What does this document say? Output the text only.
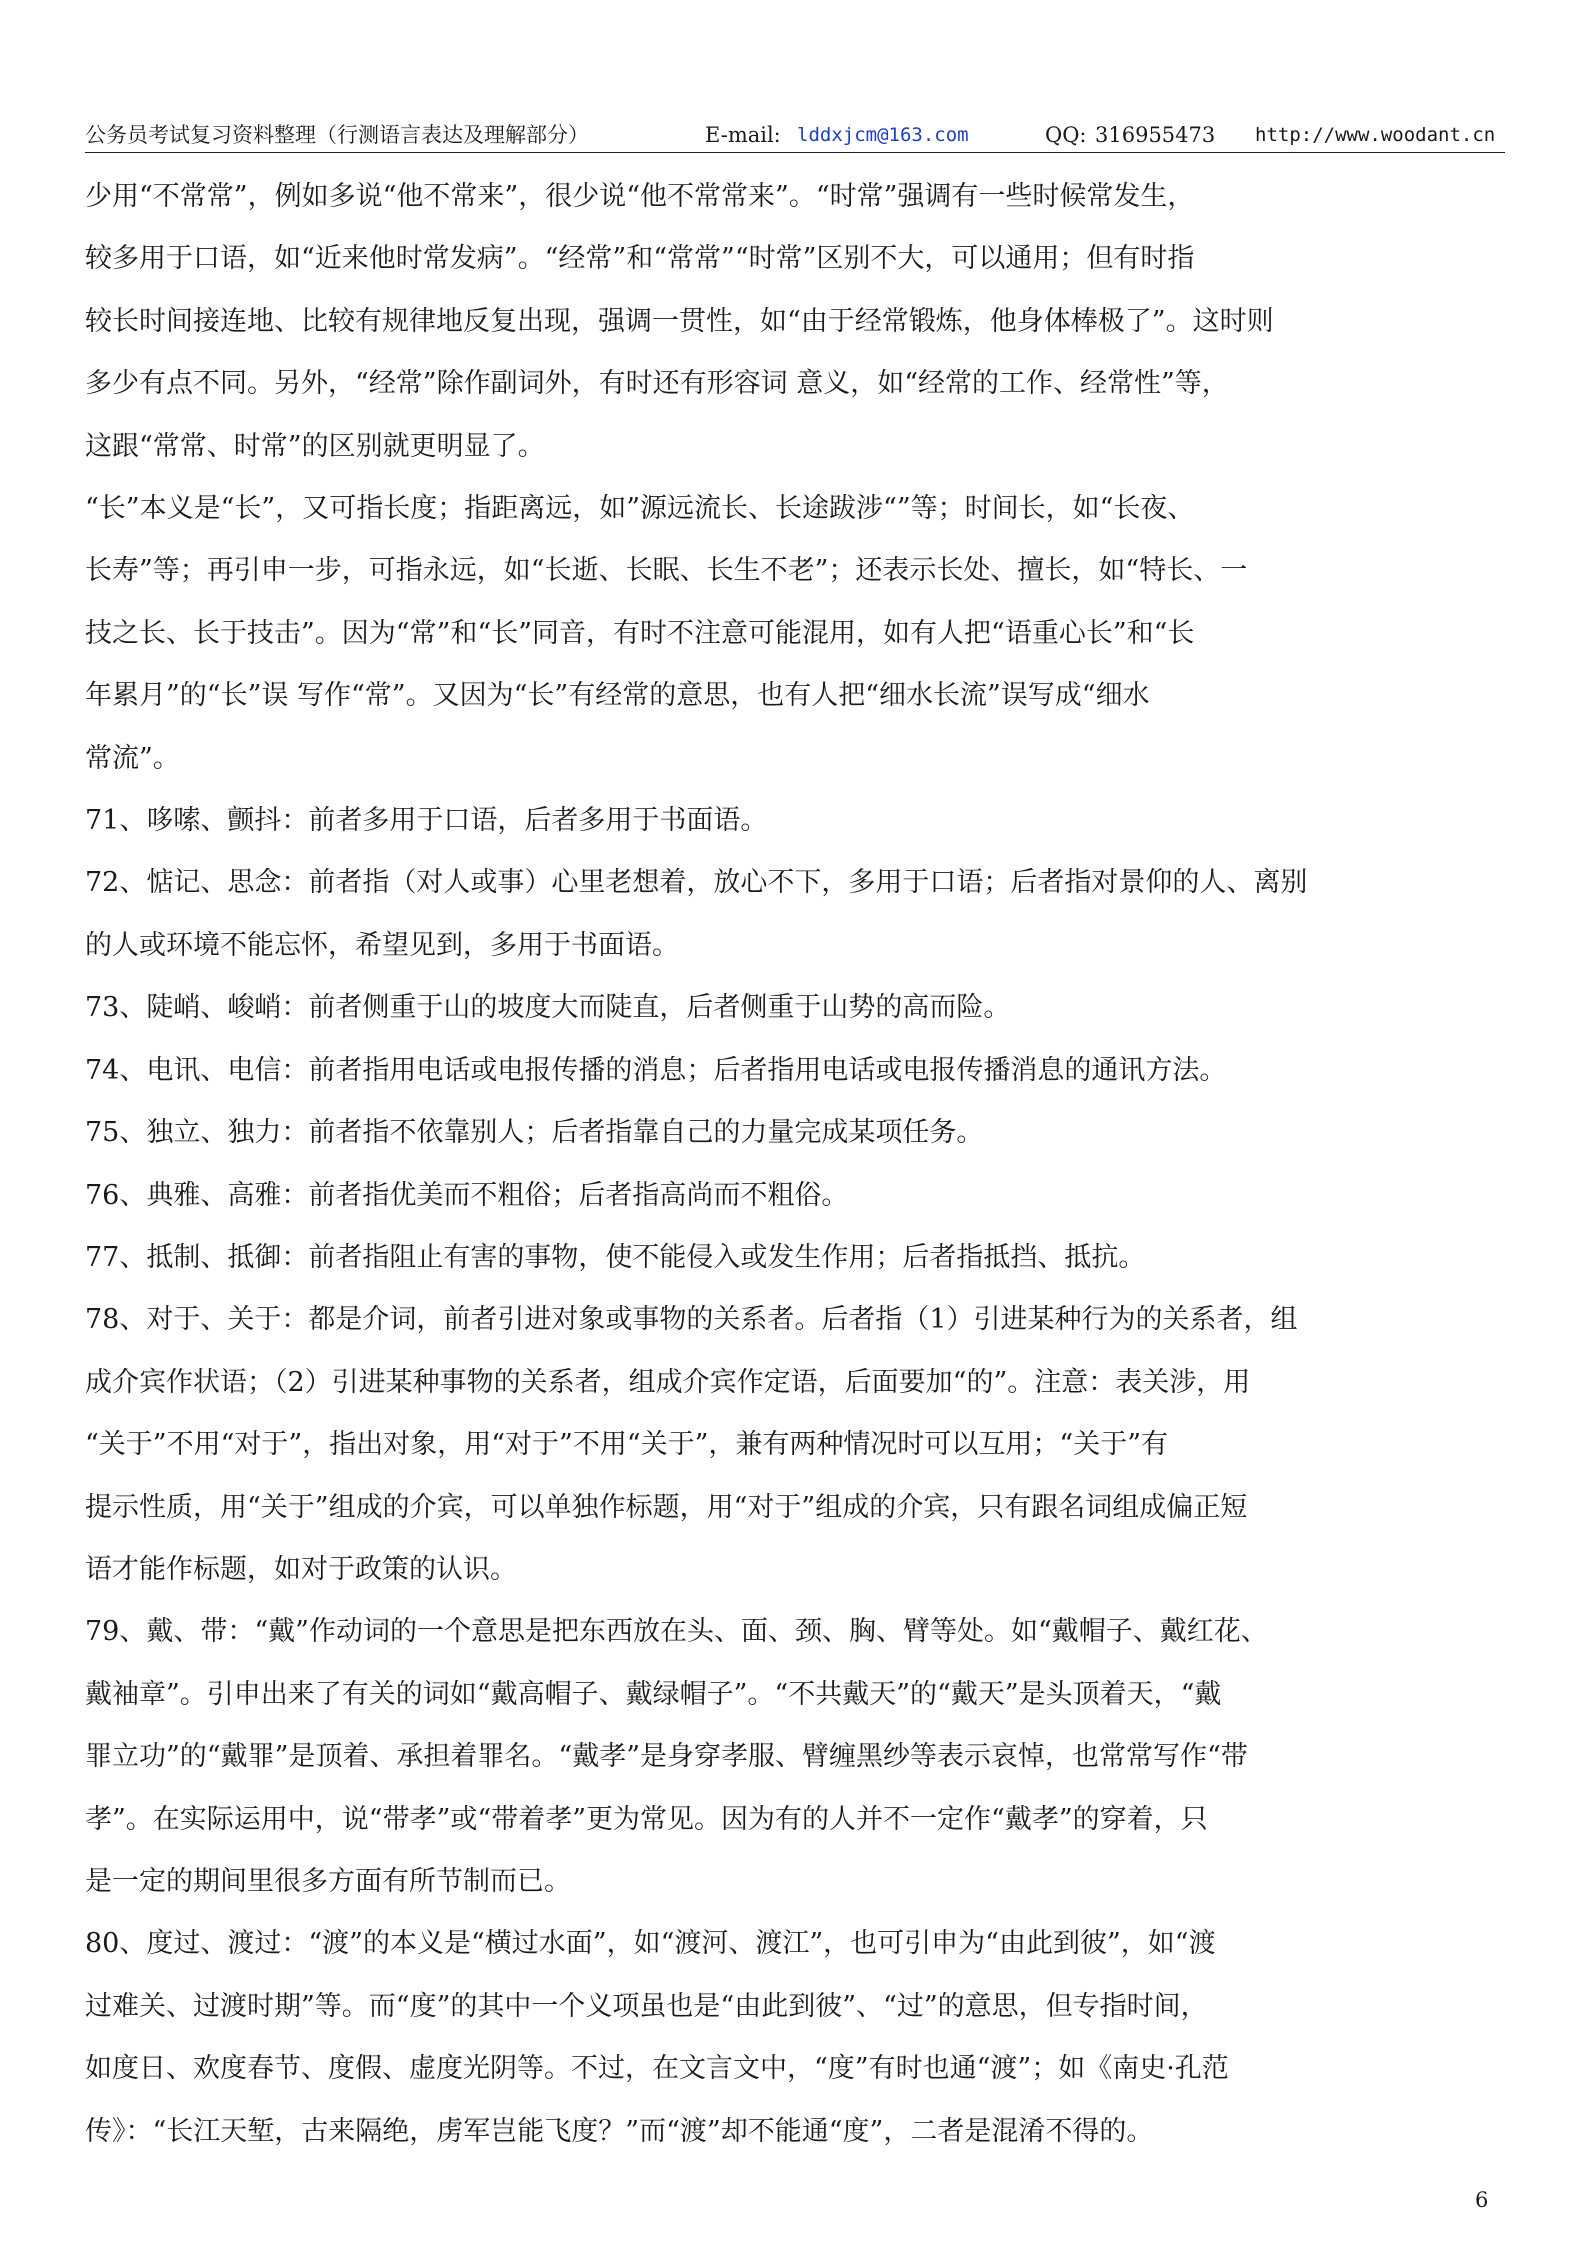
公务员考试复习资料整理（行测语言表达及理解部分）	E-mail: lddxjcm@163.com	QQ: 316955473 http://www.woodant.cn

少用“不常常”，例如多说“他不常来”，很少说“他不常常来”。“时常”强调有一些时候常发生，

较多用于口语，如“近来他时常发病”。“经常”和“常常”“时常”区别不大，可以通用；但有时指

较长时间接连地、比较有规律地反复出现，强调一贯性，如“由于经常锻炼，他身体棒极了”。这时则

多少有点不同。另外，“经常”除作副词外，有时还有形容词 意义，如“经常的工作、经常性”等，

这跟“常常、时常”的区别就更明显了。

“长”本义是“长”，又可指长度；指距离远，如”源远流长、长途跋涉“”等；时间长，如“长夜、

长寿”等；再引申一步，可指永远，如“长逝、长眠、长生不老”；还表示长处、擅长，如“特长、一

技之长、长于技击”。因为“常”和“长”同音，有时不注意可能混用，如有人把“语重心长”和“长

年累月”的“长”误 写作“常”。又因为“长”有经常的意思，也有人把“细水长流”误写成“细水

常流”。

71、哆嗦、颤抖：前者多用于口语，后者多用于书面语。

72、惦记、思念：前者指（对人或事）心里老想着，放心不下，多用于口语；后者指对景仰的人、离别

的人或环境不能忘怀，希望见到，多用于书面语。

73、陡峭、峻峭：前者侧重于山的坡度大而陡直，后者侧重于山势的高而险。

74、电讯、电信：前者指用电话或电报传播的消息；后者指用电话或电报传播消息的通讯方法。

75、独立、独力：前者指不依靠别人；后者指靠自己的力量完成某项任务。

76、典雅、高雅：前者指优美而不粗俗；后者指高尚而不粗俗。

77、抵制、抵御：前者指阻止有害的事物，使不能侵入或发生作用；后者指抵挡、抵抗。

78、对于、关于：都是介词，前者引进对象或事物的关系者。后者指（1）引进某种行为的关系者，组

成介宾作状语；（2）引进某种事物的关系者，组成介宾作定语，后面要加“的”。注意：表关涉，用

“关于”不用“对于”，指出对象，用“对于”不用“关于”，兼有两种情况时可以互用；“关于”有

提示性质，用“关于”组成的介宾，可以单独作标题，用“对于”组成的介宾，只有跟名词组成偏正短

语才能作标题，如对于政策的认识。

79、戴、带：“戴”作动词的一个意思是把东西放在头、面、颈、胸、臂等处。如“戴帽子、戴红花、

戴袖章”。引申出来了有关的词如“戴高帽子、戴绿帽子”。“不共戴天”的“戴天”是头顶着天，“戴

罪立功”的“戴罪”是顶着、承担着罪名。“戴孝”是身穿孝服、臂缠黑纱等表示哀悼，也常常写作“带

孝”。在实际运用中，说“带孝”或“带着孝”更为常见。因为有的人并不一定作“戴孝”的穿着，只

是一定的期间里很多方面有所节制而已。

80、度过、渡过：“渡”的本义是“横过水面”，如“渡河、渡江”，也可引申为“由此到彼”，如“渡

过难关、过渡时期”等。而“度”的其中一个义项虽也是“由此到彼”、“过”的意思，但专指时间，

如度日、欢度春节、度假、虚度光阴等。不过，在文言文中，“度”有时也通“渡”；如《南史·孔范

传》：“长江天堑，古来隔绝，虏军岂能飞度？”而“渡”却不能通“度”，二者是混淆不得的。

6
